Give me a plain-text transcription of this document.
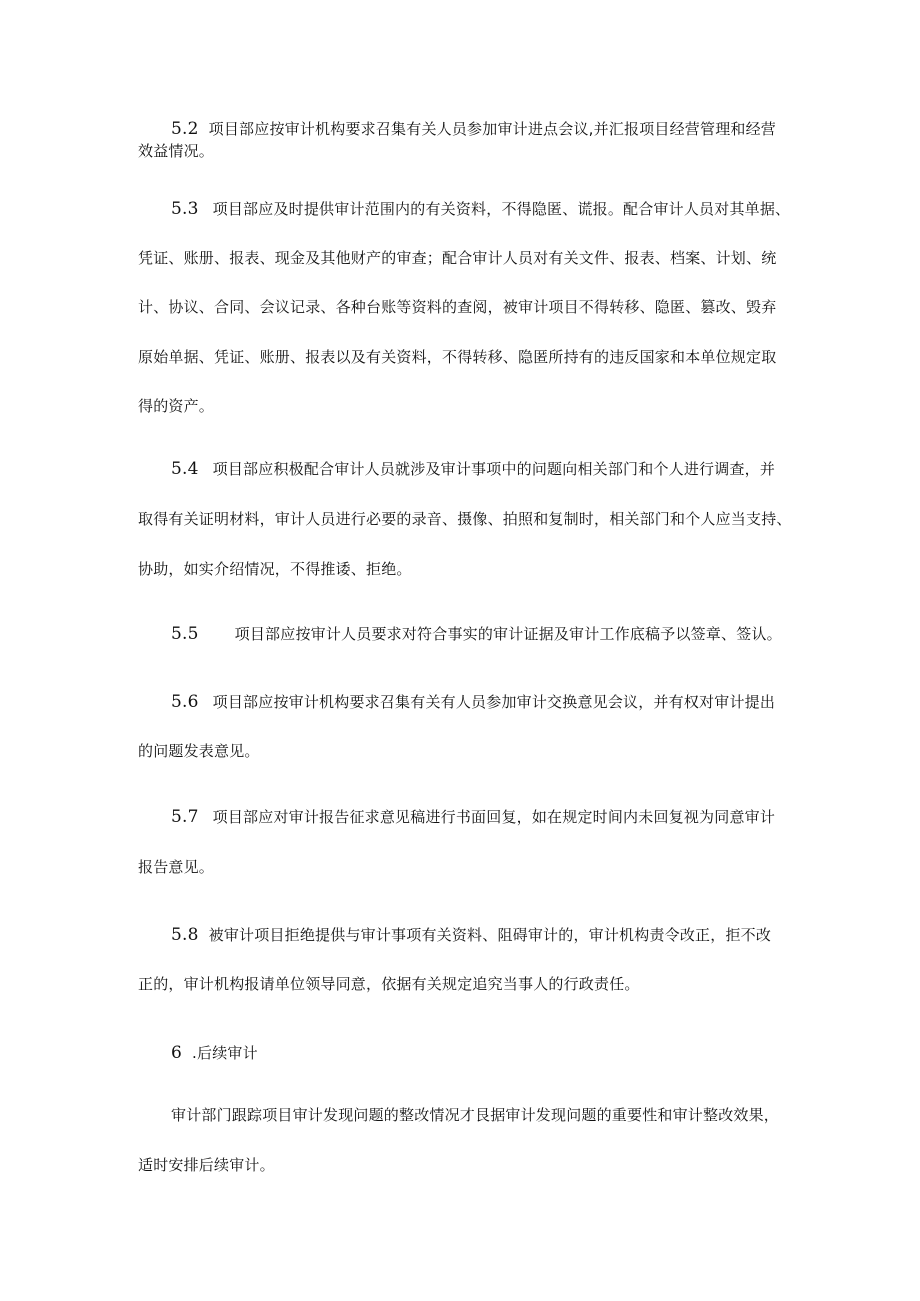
5.2 项目部应按审计机构要求召集有关人员参加审计进点会议,并汇报项目经营管理和经营
效益情况。
5.3 项目部应及时提供审计范围内的有关资料，不得隐匿、谎报。配合审计人员对其单据、
凭证、账册、报表、现金及其他财产的审查；配合审计人员对有关文件、报表、档案、计划、统
计、协议、合同、会议记录、各种台账等资料的查阅，被审计项目不得转移、隐匿、篡改、毁弃
原始单据、凭证、账册、报表以及有关资料，不得转移、隐匿所持有的违反国家和本单位规定取
得的资产。
5.4 项目部应积极配合审计人员就涉及审计事项中的问题向相关部门和个人进行调查，并
取得有关证明材料，审计人员进行必要的录音、摄像、拍照和复制时，相关部门和个人应当支持、
协助，如实介绍情况，不得推诿、拒绝。
5.5 项目部应按审计人员要求对符合事实的审计证据及审计工作底稿予以签章、签认。
5.6 项目部应按审计机构要求召集有关有人员参加审计交换意见会议，并有权对审计提出
的问题发表意见。
5.7 项目部应对审计报告征求意见稿进行书面回复，如在规定时间内未回复视为同意审计
报告意见。
5.8 被审计项目拒绝提供与审计事项有关资料、阻碍审计的，审计机构责令改正，拒不改
正的，审计机构报请单位领导同意，依据有关规定追究当事人的行政责任。
6 .后续审计
审计部门跟踪项目审计发现问题的整改情况才艮据审计发现问题的重要性和审计整改效果，
适时安排后续审计。
